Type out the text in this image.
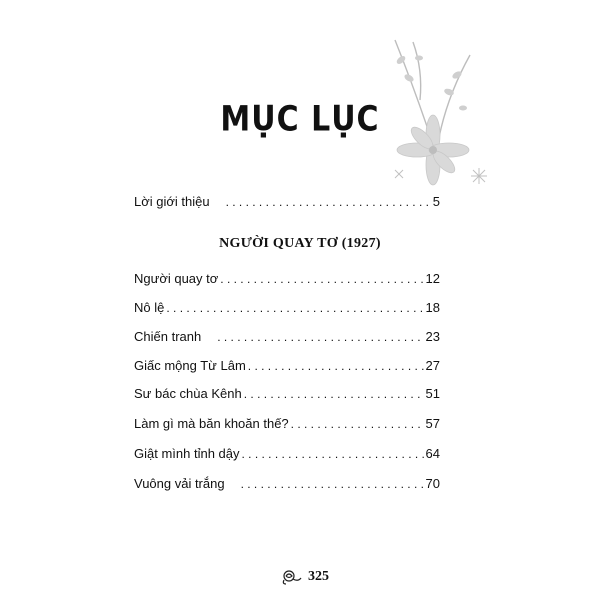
MỤC LỤC
Lời giới thiệu . . .	5
NGƯỜI QUAY TƠ (1927)
Người quay tơ . . .	12
Nô lệ . . .	18
Chiến tranh . . .	23
Giấc mộng Từ Lâm . . .	27
Sư bác chùa Kênh . . .	51
Làm gì mà băn khoăn thế? . . .	57
Giật mình tỉnh dậy . . .	64
Vuông vải trắng . . .	70
325
